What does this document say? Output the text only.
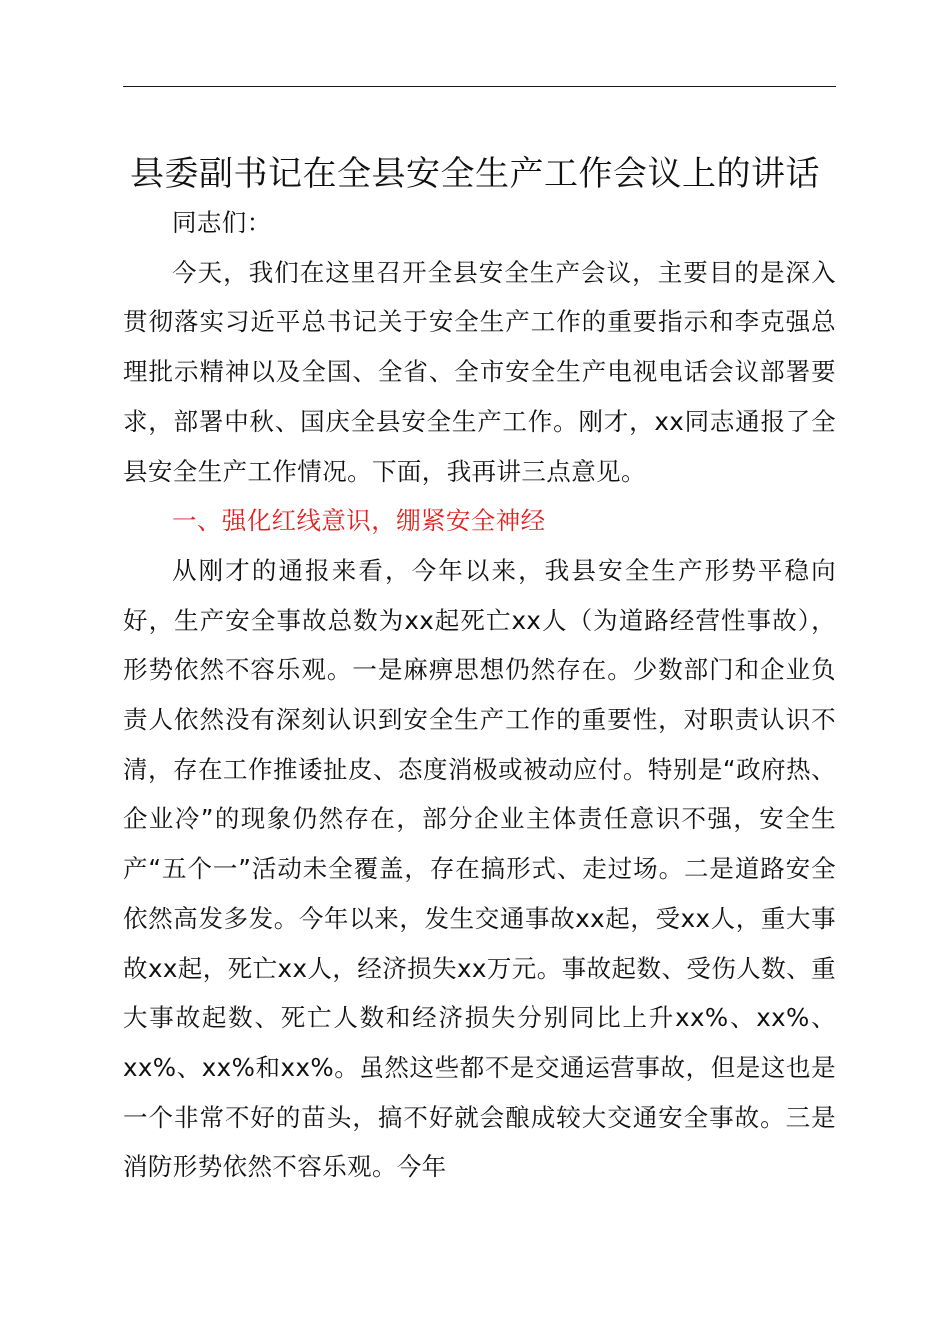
县委副书记在全县安全生产工作会议上的讲话

同志们：

今天，我们在这里召开全县安全生产会议，主要目的是深入贯彻落实习近平总书记关于安全生产工作的重要指示和李克强总理批示精神以及全国、全省、全市安全生产电视电话会议部署要求，部署中秋、国庆全县安全生产工作。刚才，xx同志通报了全县安全生产工作情况。下面，我再讲三点意见。

一、强化红线意识，绷紧安全神经

从刚才的通报来看，今年以来，我县安全生产形势平稳向好，生产安全事故总数为xx起死亡xx人（为道路经营性事故），形势依然不容乐观。一是麻痹思想仍然存在。少数部门和企业负责人依然没有深刻认识到安全生产工作的重要性，对职责认识不清，存在工作推诿扯皮、态度消极或被动应付。特别是“政府热、企业冷”的现象仍然存在，部分企业主体责任意识不强，安全生产“五个一”活动未全覆盖，存在搞形式、走过场。二是道路安全依然高发多发。今年以来，发生交通事故xx起，受xx人，重大事故xx起，死亡xx人，经济损失xx万元。事故起数、受伤人数、重大事故起数、死亡人数和经济损失分别同比上升xx%、xx%、xx%、xx%和xx%。虽然这些都不是交通运营事故，但是这也是一个非常不好的苗头，搞不好就会酿成较大交通安全事故。三是消防形势依然不容乐观。今年
